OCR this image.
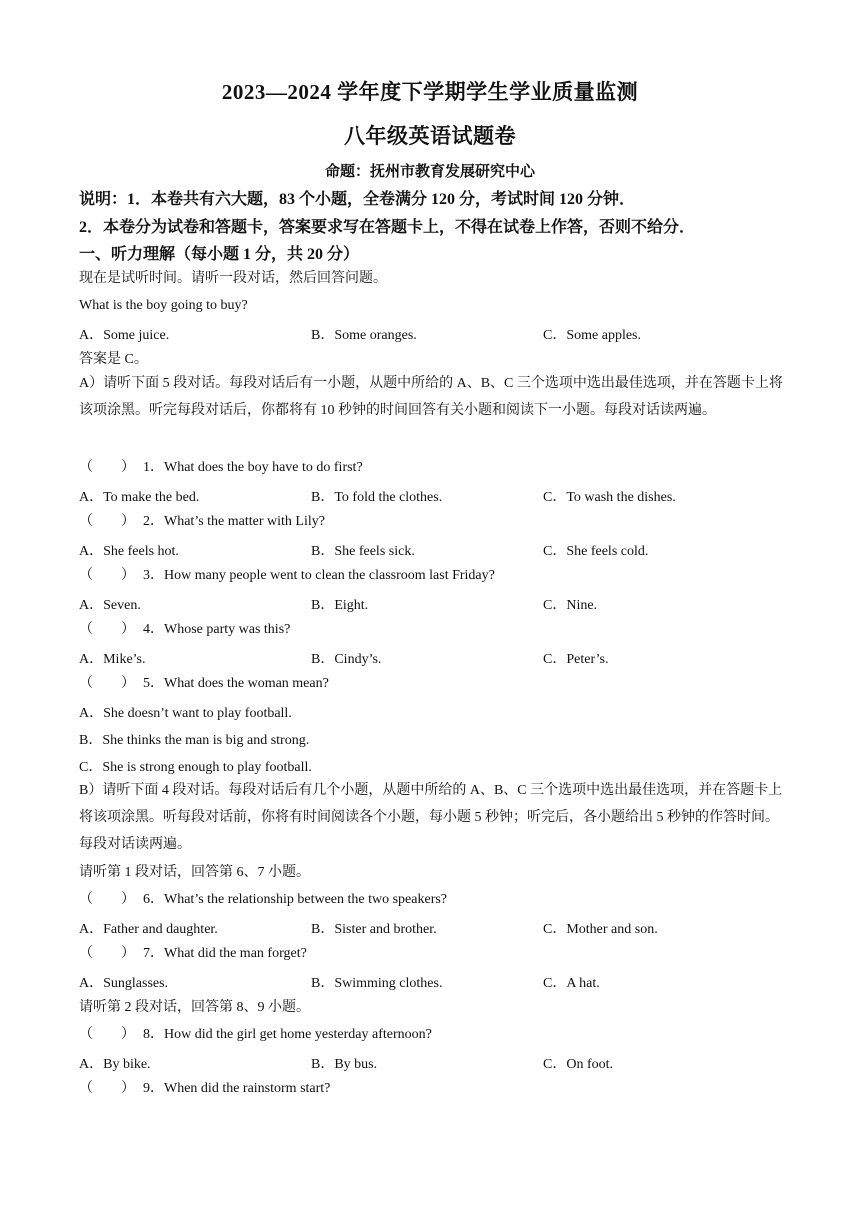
2023—2024 学年度下学期学生学业质量监测
八年级英语试题卷
命题：抚州市教育发展研究中心
说明：1．本卷共有六大题，83 个小题，全卷满分 120 分，考试时间 120 分钟．
2．本卷分为试卷和答题卡，答案要求写在答题卡上，不得在试卷上作答，否则不给分．
一、听力理解（每小题 1 分，共 20 分）
现在是试听时间。请听一段对话，然后回答问题。
What is the boy going to buy?
A．Some juice.	B．Some oranges.	C．Some apples.
答案是 C。
A）请听下面 5 段对话。每段对话后有一小题，从题中所给的 A、B、C 三个选项中选出最佳选项，并在答题卡上将该项涂黑。听完每段对话后，你都将有 10 秒钟的时间回答有关小题和阅读下一小题。每段对话读两遍。
（　　） 1．What does the boy have to do first?
A．To make the bed.	B．To fold the clothes.	C．To wash the dishes.
（　　） 2．What’s the matter with Lily?
A．She feels hot.	B．She feels sick.	C．She feels cold.
（　　） 3．How many people went to clean the classroom last Friday?
A．Seven.	B．Eight.	C．Nine.
（　　） 4．Whose party was this?
A．Mike’s.	B．Cindy’s.	C．Peter’s.
（　　） 5．What does the woman mean?
A．She doesn’t want to play football.
B．She thinks the man is big and strong.
C．She is strong enough to play football.
B）请听下面 4 段对话。每段对话后有几个小题，从题中所给的 A、B、C 三个选项中选出最佳选项，并在答题卡上将该项涂黑。听每段对话前，你将有时间阅读各个小题，每小题 5 秒钟；听完后，各小题给出 5 秒钟的作答时间。每段对话读两遍。
请听第 1 段对话，回答第 6、7 小题。
（　　） 6．What’s the relationship between the two speakers?
A．Father and daughter.	B．Sister and brother.	C．Mother and son.
（　　） 7．What did the man forget?
A．Sunglasses.	B．Swimming clothes.	C．A hat.
请听第 2 段对话，回答第 8、9 小题。
（　　） 8．How did the girl get home yesterday afternoon?
A．By bike.	B．By bus.	C．On foot.
（　　） 9．When did the rainstorm start?
